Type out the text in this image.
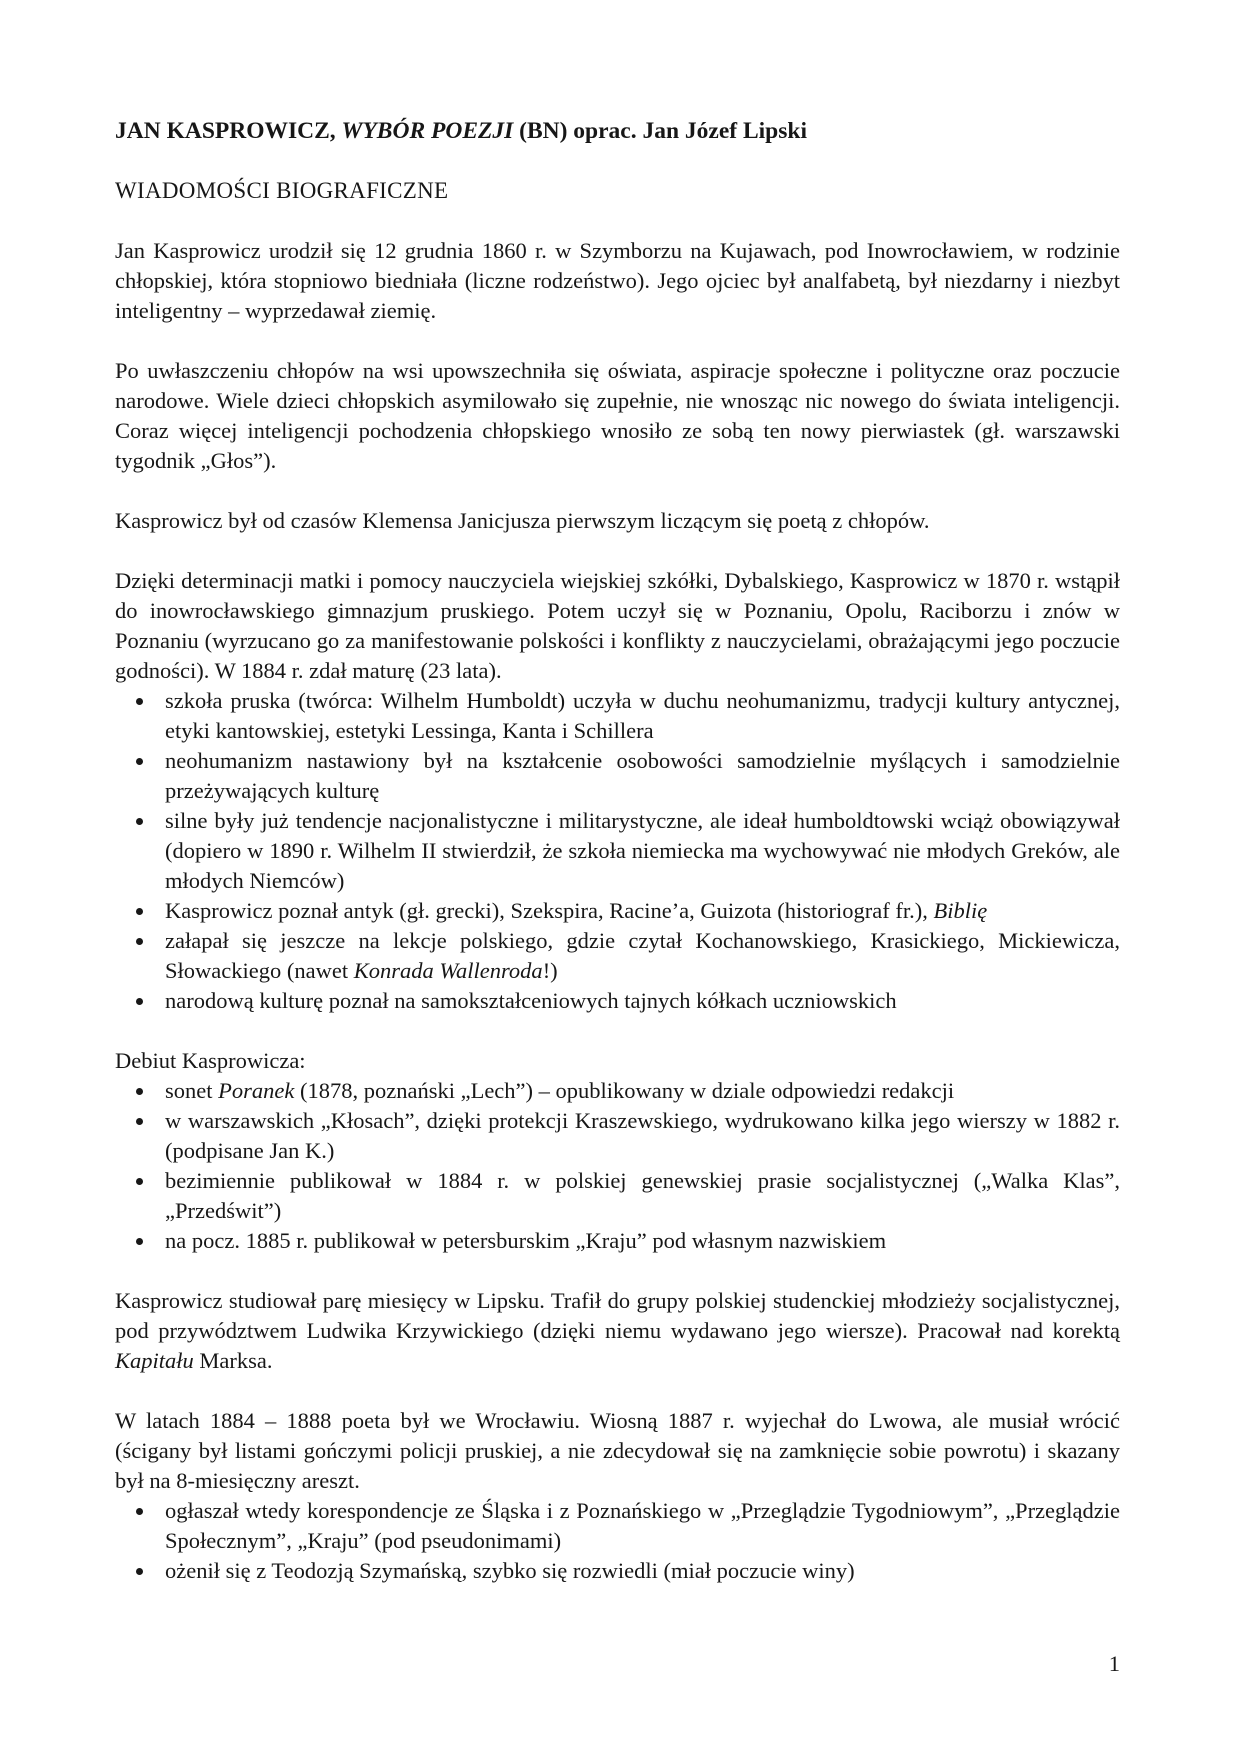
JAN KASPROWICZ, WYBÓR POEZJI (BN) oprac. Jan Józef Lipski
WIADOMOŚCI BIOGRAFICZNE

Jan Kasprowicz urodził się 12 grudnia 1860 r. w Szymborzu na Kujawach, pod Inowrocławiem, w rodzinie chłopskiej, która stopniowo biedniała (liczne rodzeństwo). Jego ojciec był analfabetą, był niezdarny i niezbyt inteligentny – wyprzedawał ziemię.

Po uwłaszczeniu chłopów na wsi upowszechniła się oświata, aspiracje społeczne i polityczne oraz poczucie narodowe. Wiele dzieci chłopskich asymilowało się zupełnie, nie wnosząc nic nowego do świata inteligencji. Coraz więcej inteligencji pochodzenia chłopskiego wnosiło ze sobą ten nowy pierwiastek (gł. warszawski tygodnik „Głos”).

Kasprowicz był od czasów Klemensa Janicjusza pierwszym liczącym się poetą z chłopów.

Dzięki determinacji matki i pomocy nauczyciela wiejskiej szkółki, Dybalskiego, Kasprowicz w 1870 r. wstąpił do inowrocławskiego gimnazjum pruskiego. Potem uczył się w Poznaniu, Opolu, Raciborzu i znów w Poznaniu (wyrzucano go za manifestowanie polskości i konflikty z nauczycielami, obrażającymi jego poczucie godności). W 1884 r. zdał maturę (23 lata).

szkoła pruska (twórca: Wilhelm Humboldt) uczyła w duchu neohumanizmu, tradycji kultury antycznej, etyki kantowskiej, estetyki Lessinga, Kanta i Schillera
neohumanizm nastawiony był na kształcenie osobowości samodzielnie myślących i samodzielnie przeżywających kulturę
silne były już tendencje nacjonalistyczne i militarystyczne, ale ideał humboldtowski wciąż obowiązywał (dopiero w 1890 r. Wilhelm II stwierdził, że szkoła niemiecka ma wychowywać nie młodych Greków, ale młodych Niemców)
Kasprowicz poznał antyk (gł. grecki), Szekspira, Racine’a, Guizota (historiograf fr.), Biblię
załapał się jeszcze na lekcje polskiego, gdzie czytał Kochanowskiego, Krasickiego, Mickiewicza, Słowackiego (nawet Konrada Wallenroda!)
narodową kulturę poznał na samokształceniowych tajnych kółkach uczniowskich

Debiut Kasprowicza:

sonet Poranek (1878, poznański „Lech”) – opublikowany w dziale odpowiedzi redakcji
w warszawskich „Kłosach”, dzięki protekcji Kraszewskiego, wydrukowano kilka jego wierszy w 1882 r. (podpisane Jan K.)
bezimiennie publikował w 1884 r. w polskiej genewskiej prasie socjalistycznej („Walka Klas”, „Przedświt”)
na pocz. 1885 r. publikował w petersburskim „Kraju” pod własnym nazwiskiem

Kasprowicz studiował parę miesięcy w Lipsku. Trafił do grupy polskiej studenckiej młodzieży socjalistycznej, pod przywództwem Ludwika Krzywickiego (dzięki niemu wydawano jego wiersze). Pracował nad korektą Kapitału Marksa.

W latach 1884 – 1888 poeta był we Wrocławiu. Wiosną 1887 r. wyjechał do Lwowa, ale musiał wrócić (ścigany był listami gończymi policji pruskiej, a nie zdecydował się na zamknięcie sobie powrotu) i skazany był na 8-miesięczny areszt.

ogłaszał wtedy korespondencje ze Śląska i z Poznańskiego w „Przeglądzie Tygodniowym”, „Przeglądzie Społecznym”, „Kraju” (pod pseudonimami)
ożenił się z Teodozją Szymańską, szybko się rozwiedli (miał poczucie winy)
1
